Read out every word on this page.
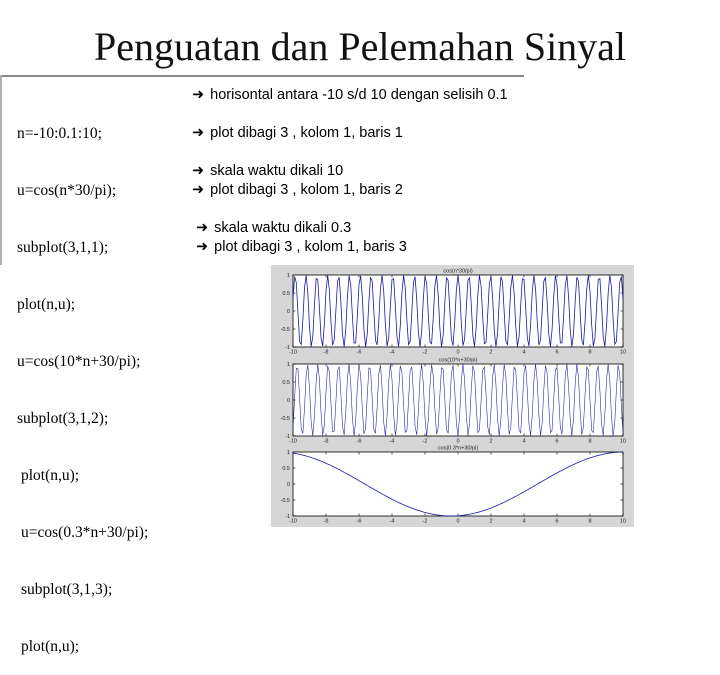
Penguatan dan Pelemahan Sinyal

n=-10:0.1:10;

u=cos(n*30/pi);

subplot(3,1,1);

plot(n,u);

u=cos(10*n+30/pi);

subplot(3,1,2);

plot(n,u);

u=cos(0.3*n+30/pi);

subplot(3,1,3);

plot(n,u);

➜ horisontal antara -10 s/d 10 dengan selisih 0.1

➜ plot dibagi 3 , kolom 1, baris 1

➜ skala waktu dikali 10

➜ plot dibagi 3 , kolom 1, baris 2

➜ skala waktu dikali 0.3

➜ plot dibagi 3 , kolom 1, baris 3

cos(n*30/pi)
-10	-8	-6	-4	-2	0	2	4	6	8	10
1
0.5
0
-0.5
-1
cos(10*n+30/pi)
-10	-8	-6	-4	-2	0	2	4	6	8	10
1
0.5
0
-0.5
-1
cos(0.3*n+30/pi)
-10	-8	-6	-4	-2	0	2	4	6	8	10
1
0.5
0
-0.5
-1
